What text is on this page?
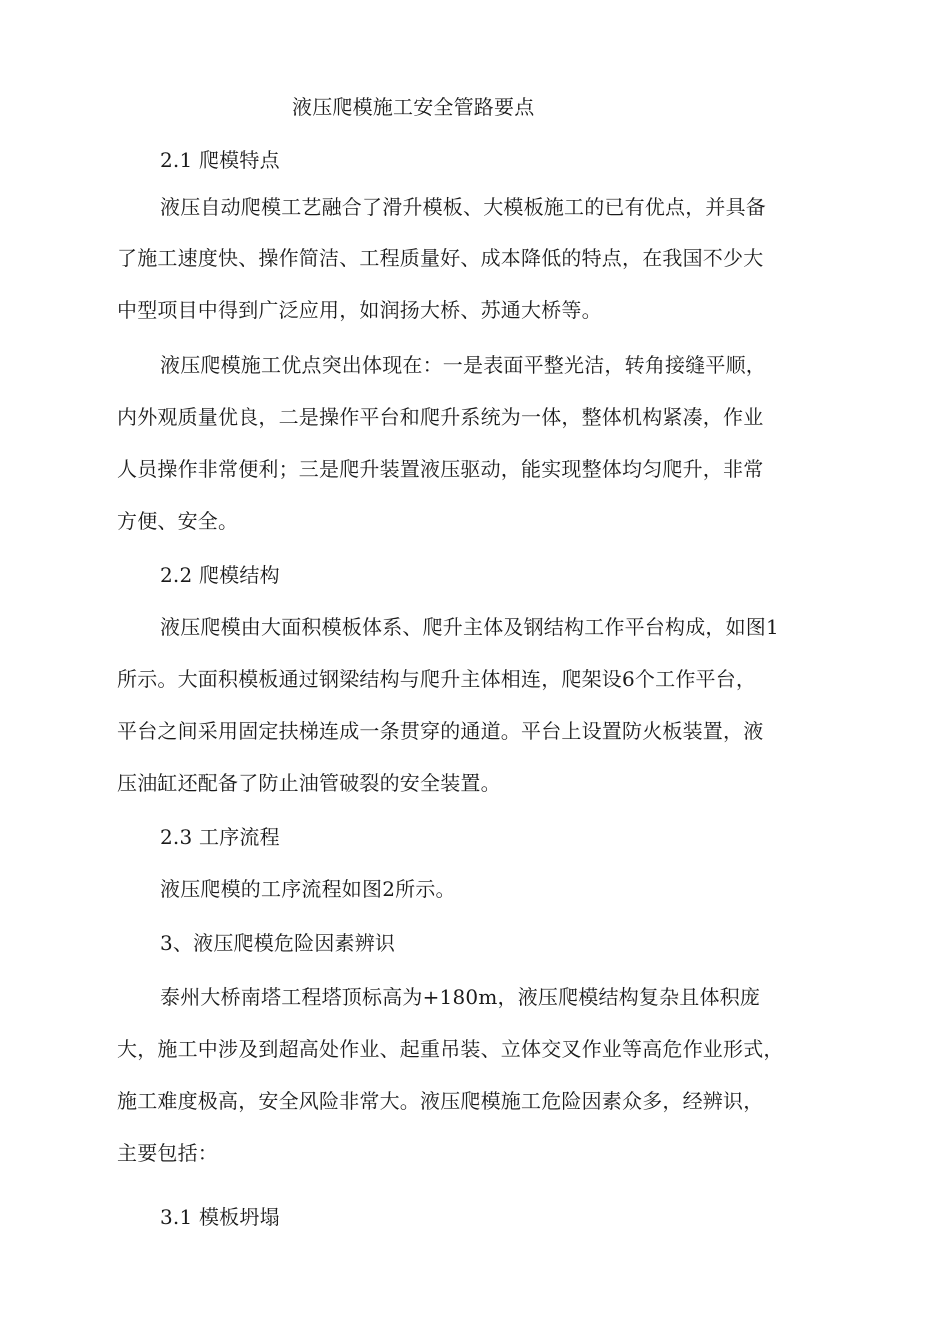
液压爬模施工安全管路要点

2.1 爬模特点

液压自动爬模工艺融合了滑升模板、大模板施工的已有优点，并具备

了施工速度快、操作简洁、工程质量好、成本降低的特点，在我国不少大

中型项目中得到广泛应用，如润扬大桥、苏通大桥等。

液压爬模施工优点突出体现在：一是表面平整光洁，转角接缝平顺，

内外观质量优良，二是操作平台和爬升系统为一体，整体机构紧凑，作业

人员操作非常便利；三是爬升装置液压驱动，能实现整体均匀爬升，非常

方便、安全。

2.2 爬模结构

液压爬模由大面积模板体系、爬升主体及钢结构工作平台构成，如图1

所示。大面积模板通过钢梁结构与爬升主体相连，爬架设6个工作平台，

平台之间采用固定扶梯连成一条贯穿的通道。平台上设置防火板装置，液

压油缸还配备了防止油管破裂的安全装置。

2.3 工序流程

液压爬模的工序流程如图2所示。

3、液压爬模危险因素辨识

泰州大桥南塔工程塔顶标高为+180m，液压爬模结构复杂且体积庞

大，施工中涉及到超高处作业、起重吊装、立体交叉作业等高危作业形式，

施工难度极高，安全风险非常大。液压爬模施工危险因素众多，经辨识，

主要包括：

3.1 模板坍塌
